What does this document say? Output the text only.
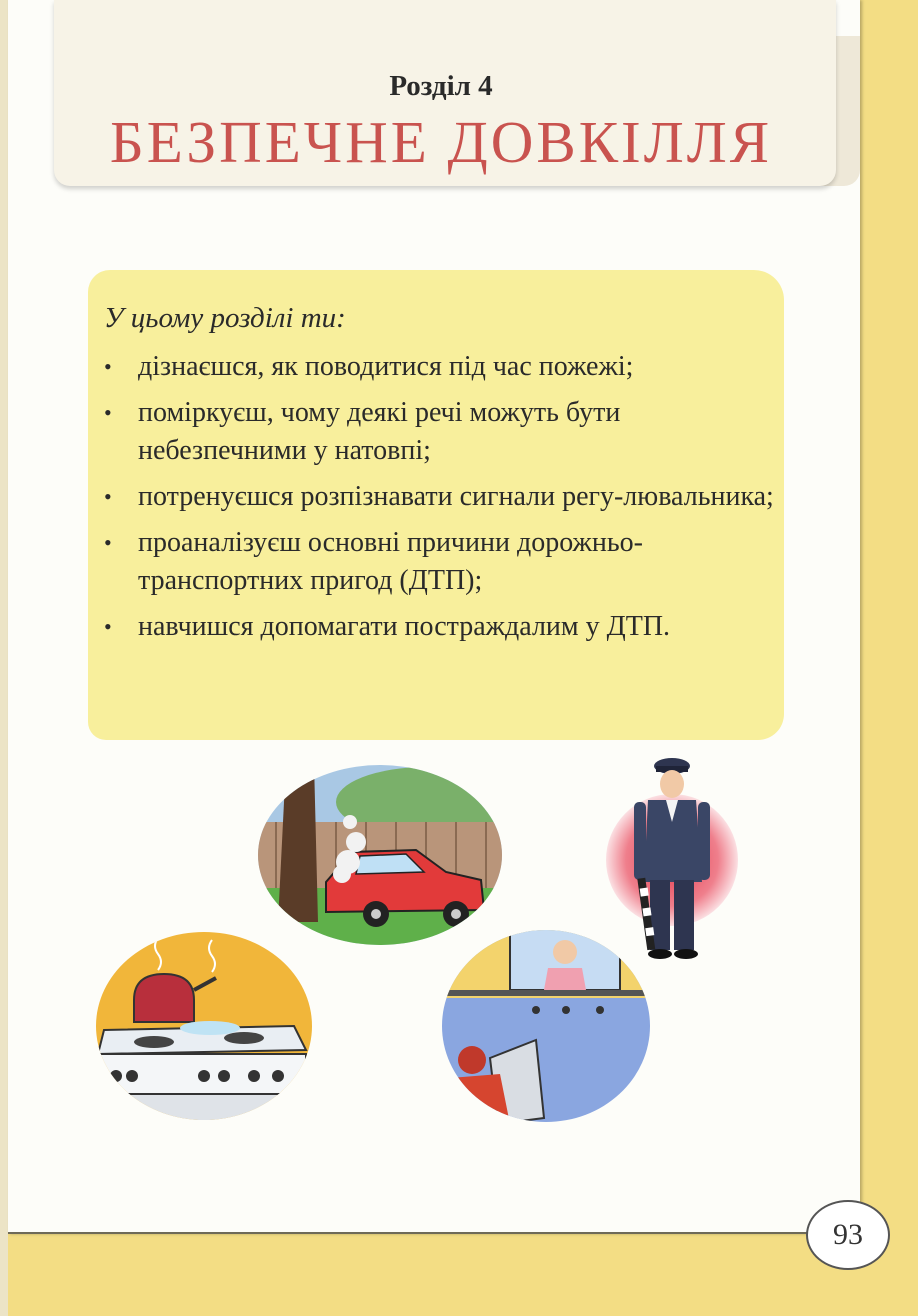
Розділ 4
БЕЗПЕЧНЕ ДОВКІЛЛЯ
У цьому розділі ти:
• дізнаєшся, як поводитися під час пожежі;
• поміркуєш, чому деякі речі можуть бути небезпечними у натовпі;
• потренуєшся розпізнавати сигнали регу-лювальника;
• проаналізуєш основні причини дорожньо-транспортних пригод (ДТП);
• навчишся допомагати постраждалим у ДТП.
93
